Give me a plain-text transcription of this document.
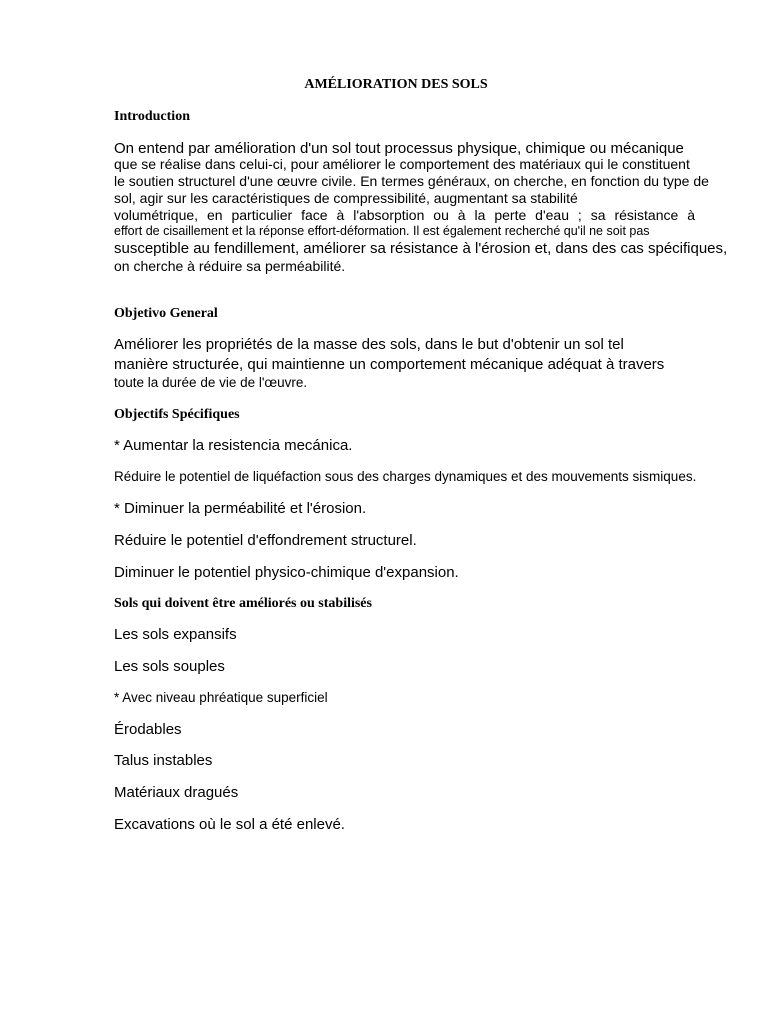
AMÉLIORATION DES SOLS
Introduction
On entend par amélioration d'un sol tout processus physique, chimique ou mécanique
que se réalise dans celui-ci, pour améliorer le comportement des matériaux qui le constituent
le soutien structurel d'une œuvre civile. En termes généraux, on cherche, en fonction du type de
sol, agir sur les caractéristiques de compressibilité, augmentant sa stabilité
volumétrique, en particulier face à l'absorption ou à la perte d'eau ; sa résistance à
effort de cisaillement et la réponse effort-déformation. Il est également recherché qu'il ne soit pas
susceptible au fendillement, améliorer sa résistance à l'érosion et, dans des cas spécifiques,
on cherche à réduire sa perméabilité.
Objetivo General
Améliorer les propriétés de la masse des sols, dans le but d'obtenir un sol tel
manière structurée, qui maintienne un comportement mécanique adéquat à travers
toute la durée de vie de l'œuvre.
Objectifs Spécifiques
* Aumentar la resistencia mecánica.
Réduire le potentiel de liquéfaction sous des charges dynamiques et des mouvements sismiques.
* Diminuer la perméabilité et l'érosion.
Réduire le potentiel d'effondrement structurel.
Diminuer le potentiel physico-chimique d'expansion.
Sols qui doivent être améliorés ou stabilisés
Les sols expansifs
Les sols souples
* Avec niveau phréatique superficiel
Érodables
Talus instables
Matériaux dragués
Excavations où le sol a été enlevé.
